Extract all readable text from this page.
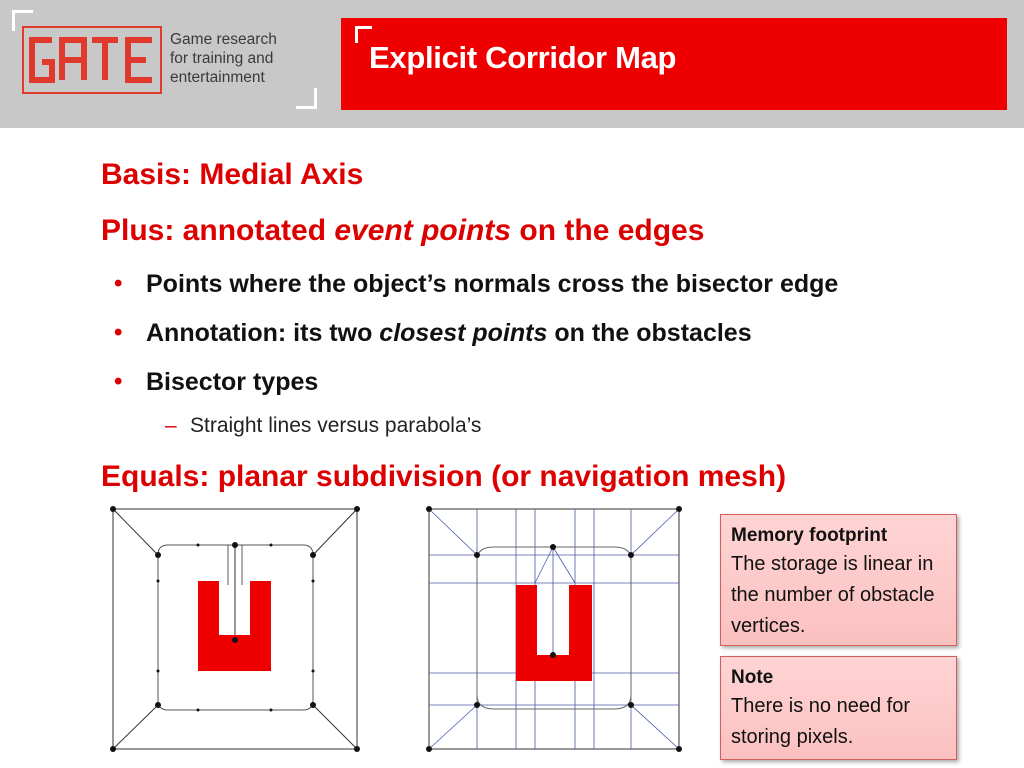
Game research
for training and
entertainment
Explicit Corridor Map
Basis: Medial Axis
Plus: annotated event points on the edges
• Points where the object’s normals cross the bisector edge
• Annotation: its two closest points on the obstacles
• Bisector types
– Straight lines versus parabola’s
Equals: planar subdivision (or navigation mesh)
Memory footprint
The storage is linear in the number of obstacle vertices.
Note
There is no need for storing pixels.
